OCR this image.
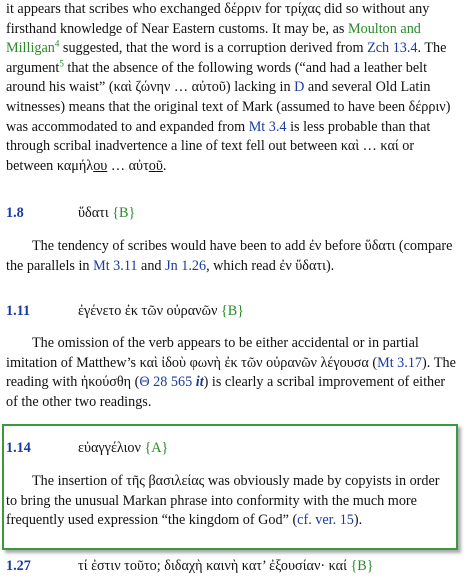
it appears that scribes who exchanged δέρριν for τρίχας did so without any firsthand knowledge of Near Eastern customs. It may be, as Moulton and Milligan$^4$ suggested, that the word is a corruption derived from Zch 13.4. The argument$^5$ that the absence of the following words (“and had a leather belt around his waist” (καὶ ζώνην … αὐτοῦ) lacking in D and several Old Latin witnesses) means that the original text of Mark (assumed to have been δέρριν) was accommodated to and expanded from Mt 3.4 is less probable than that through scribal inadvertence a line of text fell out between καὶ … καί or between καμήλου … αὐτοῦ.
1.8	ὕδατι {B}
The tendency of scribes would have been to add ἐν before ὕδατι (compare the parallels in Mt 3.11 and Jn 1.26, which read ἐν ὕδατι).
1.11	ἐγένετο ἐκ τῶν οὐρανῶν {B}
The omission of the verb appears to be either accidental or in partial imitation of Matthew’s καὶ ἰδοὺ φωνὴ ἐκ τῶν οὐρανῶν λέγουσα (Mt 3.17). The reading with ἠκούσθη (Θ 28 565 it) is clearly a scribal improvement of either of the other two readings.
1.14	εὐαγγέλιον {A}
The insertion of τῆς βασιλείας was obviously made by copyists in order to bring the unusual Markan phrase into conformity with the much more frequently used expression “the kingdom of God” (cf. ver. 15).
1.27	τί ἐστιν τοῦτο; διδαχὴ καινὴ κατ’ ἐξουσίαν· καί {B}
